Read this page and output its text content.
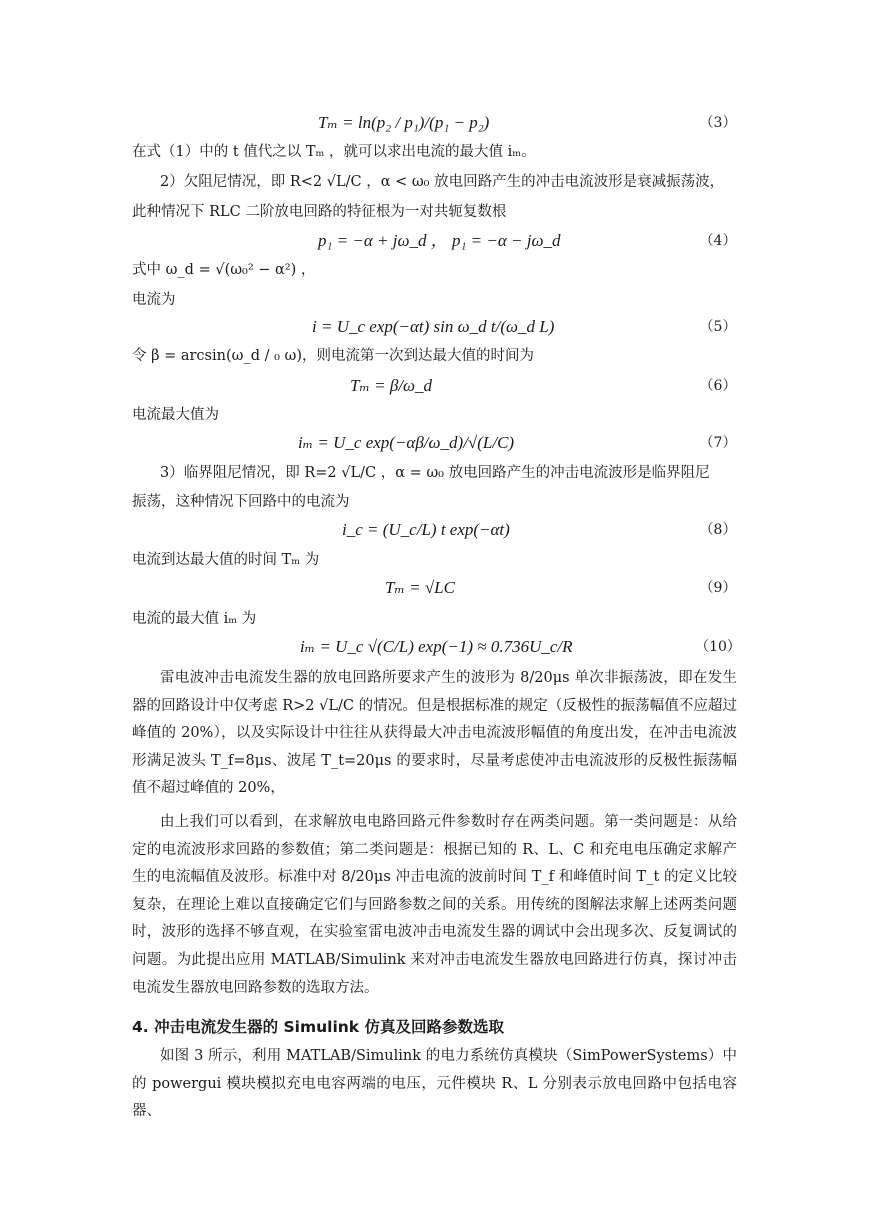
Tₘ = ln(p₂ / p₁)/(p₁ − p₂)	（3）
在式（1）中的 t 值代之以 Tₘ ，就可以求出电流的最大值 iₘ。
2）欠阻尼情况，即 R<2 √L/C ，α < ω₀ 放电回路产生的冲击电流波形是衰减振荡波，
此种情况下 RLC 二阶放电回路的特征根为一对共轭复数根
p₁ = −α + jω_d ， p₁ = −α − jω_d	（4）
式中 ω_d = √(ω₀² − α²) ，
电流为
i = U_c exp(−αt) sin ω_d t/(ω_d L)	（5）
令 β = arcsin(ω_d / ₀ ω)，则电流第一次到达最大值的时间为
Tₘ = β/ω_d	（6）
电流最大值为
iₘ = U_c exp(−αβ/ω_d)/√(L/C)	（7）
3）临界阻尼情况，即 R=2 √L/C ，α = ω₀ 放电回路产生的冲击电流波形是临界阻尼
振荡，这种情况下回路中的电流为
i_c = (U_c/L) t exp(−αt)	（8）
电流到达最大值的时间 Tₘ 为
Tₘ = √LC	（9）
电流的最大值 iₘ 为
iₘ = U_c √(C/L) exp(−1) ≈ 0.736U_c/R	（10）
雷电波冲击电流发生器的放电回路所要求产生的波形为 8/20μs 单次非振荡波，即在发生器的回路设计中仅考虑 R>2 √L/C 的情况。但是根据标准的规定（反极性的振荡幅值不应超过峰值的 20%），以及实际设计中往往从获得最大冲击电流波形幅值的角度出发，在冲击电流波形满足波头 T_f=8μs、波尾 T_t=20μs 的要求时，尽量考虑使冲击电流波形的反极性振荡幅值不超过峰值的 20%，
由上我们可以看到，在求解放电电路回路元件参数时存在两类问题。第一类问题是：从给定的电流波形求回路的参数值；第二类问题是：根据已知的 R、L、C 和充电电压确定求解产生的电流幅值及波形。标准中对 8/20μs 冲击电流的波前时间 T_f 和峰值时间 T_t 的定义比较复杂，在理论上难以直接确定它们与回路参数之间的关系。用传统的图解法求解上述两类问题时，波形的选择不够直观，在实验室雷电波冲击电流发生器的调试中会出现多次、反复调试的问题。为此提出应用 MATLAB/Simulink 来对冲击电流发生器放电回路进行仿真，探讨冲击电流发生器放电回路参数的选取方法。
4. 冲击电流发生器的 Simulink 仿真及回路参数选取
如图 3 所示，利用 MATLAB/Simulink 的电力系统仿真模块（SimPowerSystems）中的 powergui 模块模拟充电电容两端的电压，元件模块 R、L 分别表示放电回路中包括电容器、
